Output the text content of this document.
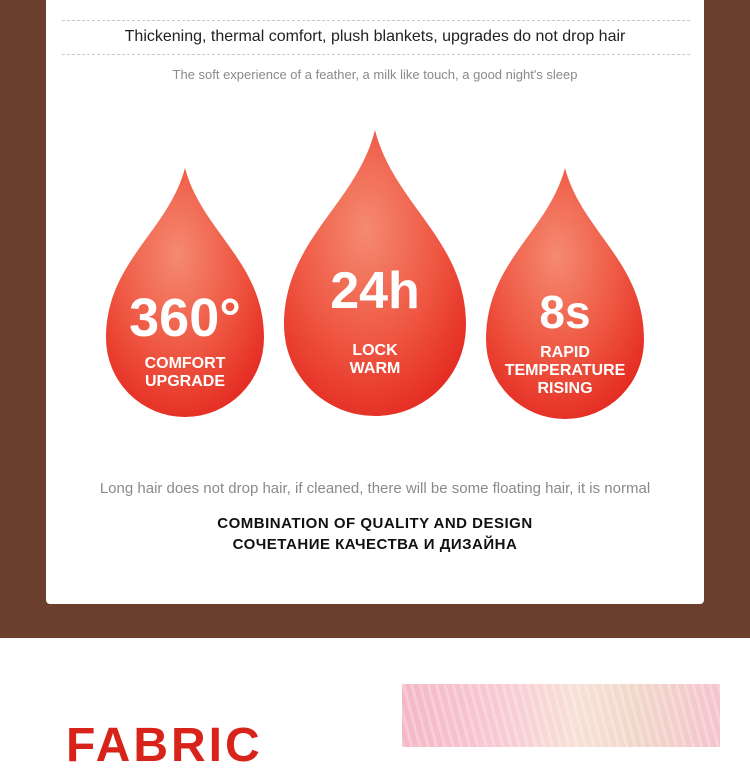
Thickening, thermal comfort, plush blankets, upgrades do not drop hair
The soft experience of a feather, a milk like touch, a good night's sleep
360°
COMFORT
UPGRADE
24h
LOCK
WARM
8s
RAPID
TEMPERATURE
RISING
Long hair does not drop hair, if cleaned, there will be some floating hair, it is normal
COMBINATION OF QUALITY AND DESIGN
СОЧЕТАНИЕ КАЧЕСТВА И ДИЗАЙНА
FABRIC
